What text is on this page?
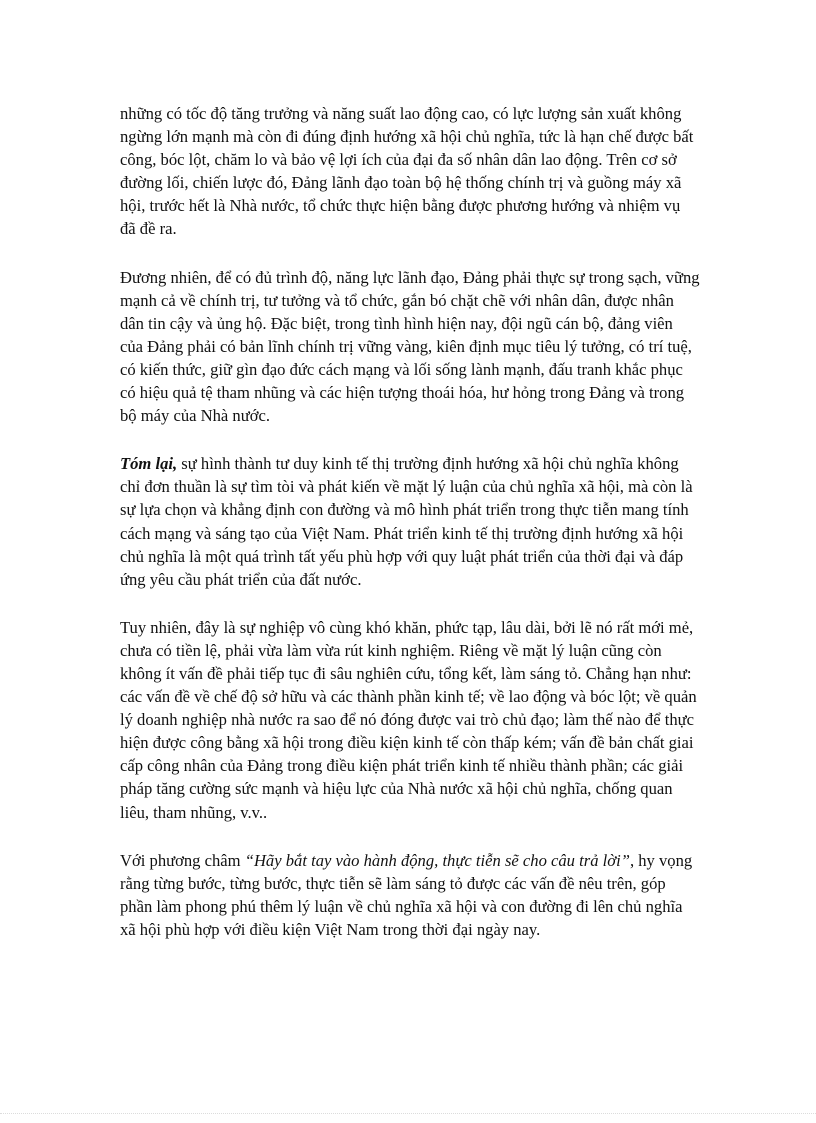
những có tốc độ tăng trưởng và năng suất lao động cao, có lực lượng sản xuất không ngừng lớn mạnh mà còn đi đúng định hướng xã hội chủ nghĩa, tức là hạn chế được bất công, bóc lột, chăm lo và bảo vệ lợi ích của đại đa số nhân dân lao động. Trên cơ sở đường lối, chiến lược đó, Đảng lãnh đạo toàn bộ hệ thống chính trị và guồng máy xã hội, trước hết là Nhà nước, tổ chức thực hiện bằng được phương hướng và nhiệm vụ đã đề ra.

Đương nhiên, để có đủ trình độ, năng lực lãnh đạo, Đảng phải thực sự trong sạch, vững mạnh cả về chính trị, tư tưởng và tổ chức, gắn bó chặt chẽ với nhân dân, được nhân dân tin cậy và ủng hộ. Đặc biệt, trong tình hình hiện nay, đội ngũ cán bộ, đảng viên của Đảng phải có bản lĩnh chính trị vững vàng, kiên định mục tiêu lý tưởng, có trí tuệ, có kiến thức, giữ gìn đạo đức cách mạng và lối sống lành mạnh, đấu tranh khắc phục có hiệu quả tệ tham nhũng và các hiện tượng thoái hóa, hư hỏng trong Đảng và trong bộ máy của Nhà nước.

Tóm lại, sự hình thành tư duy kinh tế thị trường định hướng xã hội chủ nghĩa không chỉ đơn thuần là sự tìm tòi và phát kiến về mặt lý luận của chủ nghĩa xã hội, mà còn là sự lựa chọn và khẳng định con đường và mô hình phát triển trong thực tiễn mang tính cách mạng và sáng tạo của Việt Nam. Phát triển kinh tế thị trường định hướng xã hội chủ nghĩa là một quá trình tất yếu phù hợp với quy luật phát triển của thời đại và đáp ứng yêu cầu phát triển của đất nước.

Tuy nhiên, đây là sự nghiệp vô cùng khó khăn, phức tạp, lâu dài, bởi lẽ nó rất mới mẻ, chưa có tiền lệ, phải vừa làm vừa rút kinh nghiệm. Riêng về mặt lý luận cũng còn không ít vấn đề phải tiếp tục đi sâu nghiên cứu, tổng kết, làm sáng tỏ. Chẳng hạn như: các vấn đề về chế độ sở hữu và các thành phần kinh tế; về lao động và bóc lột; về quản lý doanh nghiệp nhà nước ra sao để nó đóng được vai trò chủ đạo; làm thế nào để thực hiện được công bằng xã hội trong điều kiện kinh tế còn thấp kém; vấn đề bản chất giai cấp công nhân của Đảng trong điều kiện phát triển kinh tế nhiều thành phần; các giải pháp tăng cường sức mạnh và hiệu lực của Nhà nước xã hội chủ nghĩa, chống quan liêu, tham nhũng, v.v..

Với phương châm “Hãy bắt tay vào hành động, thực tiễn sẽ cho câu trả lời”, hy vọng rằng từng bước, từng bước, thực tiễn sẽ làm sáng tỏ được các vấn đề nêu trên, góp phần làm phong phú thêm lý luận về chủ nghĩa xã hội và con đường đi lên chủ nghĩa xã hội phù hợp với điều kiện Việt Nam trong thời đại ngày nay.
